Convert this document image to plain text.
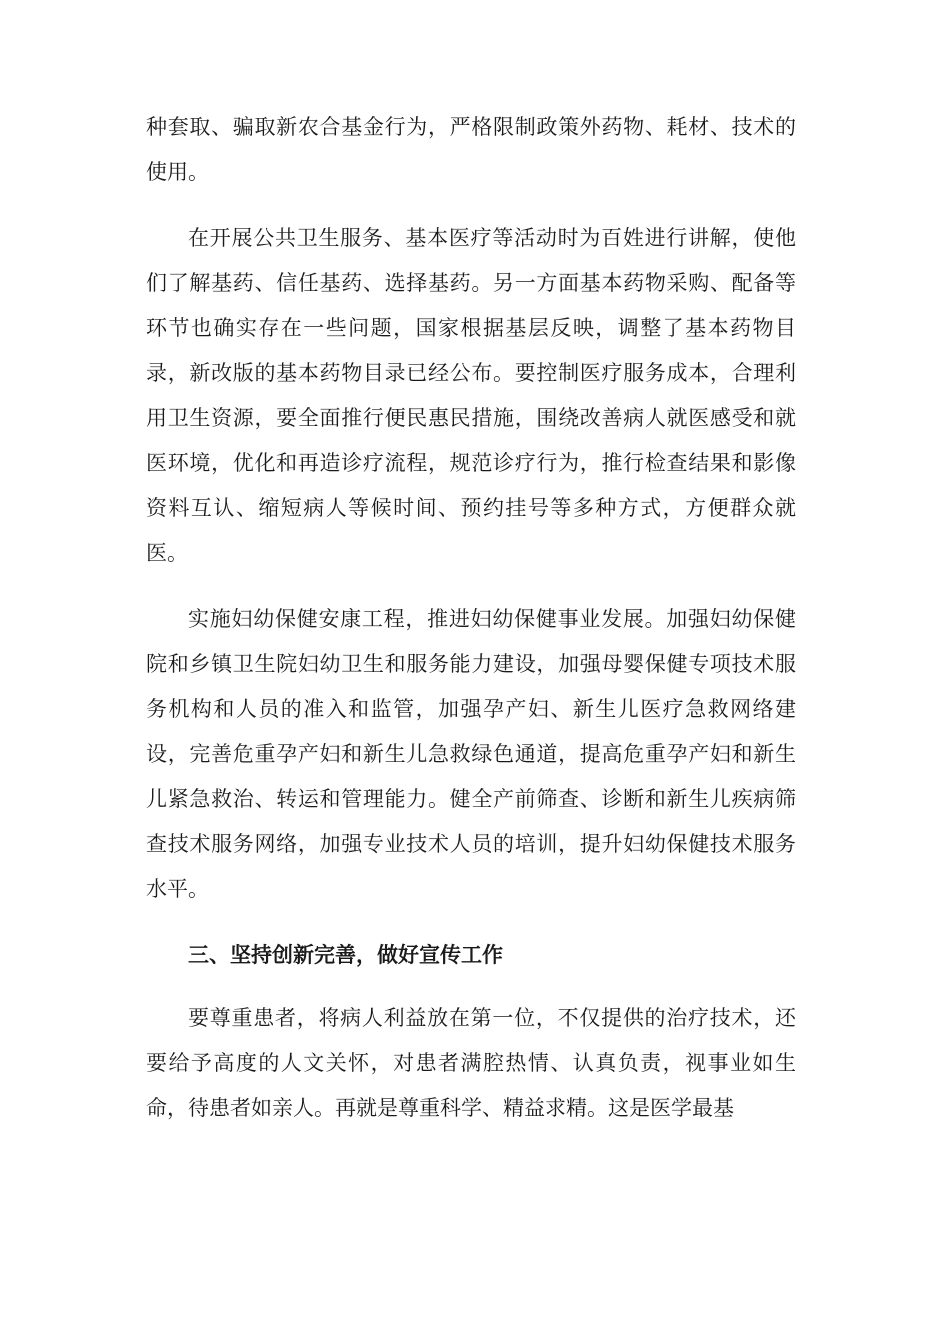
种套取、骗取新农合基金行为，严格限制政策外药物、耗材、技术的使用。

在开展公共卫生服务、基本医疗等活动时为百姓进行讲解，使他们了解基药、信任基药、选择基药。另一方面基本药物采购、配备等环节也确实存在一些问题，国家根据基层反映，调整了基本药物目录，新改版的基本药物目录已经公布。要控制医疗服务成本，合理利用卫生资源，要全面推行便民惠民措施，围绕改善病人就医感受和就医环境，优化和再造诊疗流程，规范诊疗行为，推行检查结果和影像资料互认、缩短病人等候时间、预约挂号等多种方式，方便群众就医。

实施妇幼保健安康工程，推进妇幼保健事业发展。加强妇幼保健院和乡镇卫生院妇幼卫生和服务能力建设，加强母婴保健专项技术服务机构和人员的准入和监管，加强孕产妇、新生儿医疗急救网络建设，完善危重孕产妇和新生儿急救绿色通道，提高危重孕产妇和新生儿紧急救治、转运和管理能力。健全产前筛查、诊断和新生儿疾病筛查技术服务网络，加强专业技术人员的培训，提升妇幼保健技术服务水平。

三、坚持创新完善，做好宣传工作

要尊重患者，将病人利益放在第一位，不仅提供的治疗技术，还要给予高度的人文关怀，对患者满腔热情、认真负责，视事业如生命，待患者如亲人。再就是尊重科学、精益求精。这是医学最基
